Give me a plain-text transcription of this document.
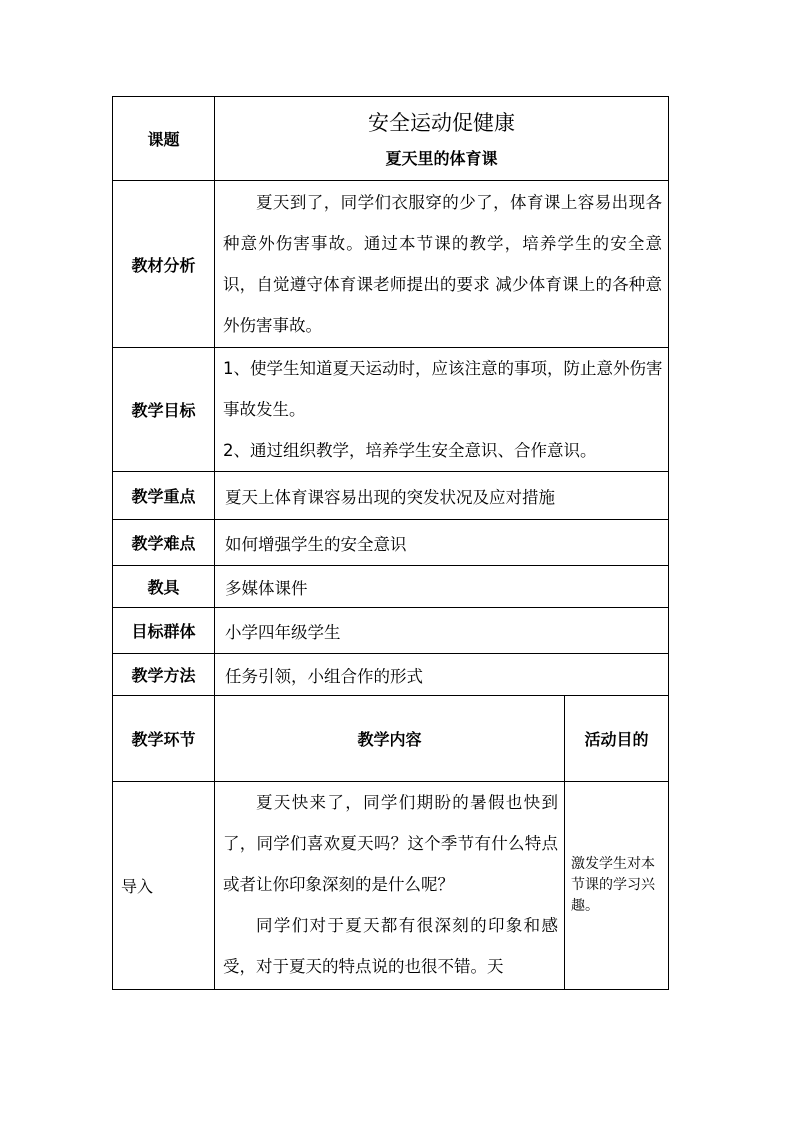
课题	安全运动促健康
夏天里的体育课	

教材分析	夏天到了，同学们衣服穿的少了，体育课上容易出现各种意外伤害事故。通过本节课的教学，培养学生的安全意识，自觉遵守体育课老师提出的要求 减少体育课上的各种意外伤害事故。	
教学目标	1、使学生知道夏天运动时，应该注意的事项，防止意外伤害事故发生。
2、通过组织教学，培养学生安全意识、合作意识。	

教学重点	夏天上体育课容易出现的突发状况及应对措施	
教学难点	如何增强学生的安全意识	
教具	多媒体课件	
目标群体	小学四年级学生	
教学方法	任务引领，小组合作的形式	
教学环节	教学内容	活动目的
导入	夏天快来了，同学们期盼的暑假也快到了，同学们喜欢夏天吗？这个季节有什么特点或者让你印象深刻的是什么呢？
同学们对于夏天都有很深刻的印象和感受，对于夏天的特点说的也很不错。天	激发学生对本节课的学习兴趣。
